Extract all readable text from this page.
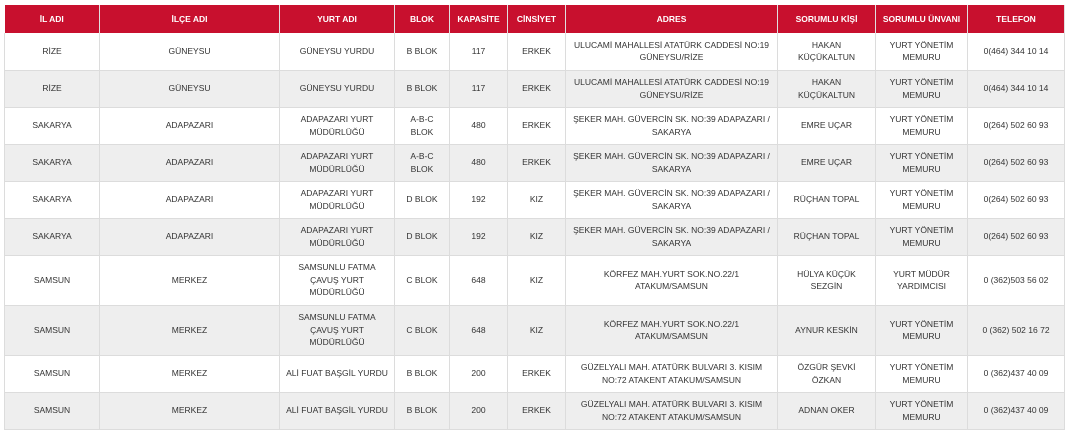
İL ADI	İLÇE ADI	YURT ADI	BLOK	KAPASİTE	CİNSİYET	ADRES	SORUMLU KİŞİ	SORUMLU ÜNVANI	TELEFON
RİZE	GÜNEYSU	GÜNEYSU YURDU	B BLOK	117	ERKEK	ULUCAMİ MAHALLESİ ATATÜRK CADDESİ NO:19 GÜNEYSU/RİZE	HAKAN KÜÇÜKALTUN	YURT YÖNETİM MEMURU	0(464) 344 10 14
RİZE	GÜNEYSU	GÜNEYSU YURDU	B BLOK	117	ERKEK	ULUCAMİ MAHALLESİ ATATÜRK CADDESİ NO:19 GÜNEYSU/RİZE	HAKAN KÜÇÜKALTUN	YURT YÖNETİM MEMURU	0(464) 344 10 14
SAKARYA	ADAPAZARI	ADAPAZARI YURT MÜDÜRLÜĞÜ	A-B-C BLOK	480	ERKEK	ŞEKER MAH. GÜVERCİN SK. NO:39 ADAPAZARI / SAKARYA	EMRE UÇAR	YURT YÖNETİM MEMURU	0(264) 502 60 93
SAKARYA	ADAPAZARI	ADAPAZARI YURT MÜDÜRLÜĞÜ	A-B-C BLOK	480	ERKEK	ŞEKER MAH. GÜVERCİN SK. NO:39 ADAPAZARI / SAKARYA	EMRE UÇAR	YURT YÖNETİM MEMURU	0(264) 502 60 93
SAKARYA	ADAPAZARI	ADAPAZARI YURT MÜDÜRLÜĞÜ	D BLOK	192	KIZ	ŞEKER MAH. GÜVERCİN SK. NO:39 ADAPAZARI / SAKARYA	RÜÇHAN TOPAL	YURT YÖNETİM MEMURU	0(264) 502 60 93
SAKARYA	ADAPAZARI	ADAPAZARI YURT MÜDÜRLÜĞÜ	D BLOK	192	KIZ	ŞEKER MAH. GÜVERCİN SK. NO:39 ADAPAZARI / SAKARYA	RÜÇHAN TOPAL	YURT YÖNETİM MEMURU	0(264) 502 60 93
SAMSUN	MERKEZ	SAMSUNLU FATMA ÇAVUŞ YURT MÜDÜRLÜĞÜ	C BLOK	648	KIZ	KÖRFEZ MAH.YURT SOK.NO.22/1 ATAKUM/SAMSUN	HÜLYA KÜÇÜK SEZGİN	YURT MÜDÜR YARDIMCISI	0 (362)503 56 02
SAMSUN	MERKEZ	SAMSUNLU FATMA ÇAVUŞ YURT MÜDÜRLÜĞÜ	C BLOK	648	KIZ	KÖRFEZ MAH.YURT SOK.NO.22/1 ATAKUM/SAMSUN	AYNUR KESKİN	YURT YÖNETİM MEMURU	0 (362) 502 16 72
SAMSUN	MERKEZ	ALİ FUAT BAŞGİL YURDU	B BLOK	200	ERKEK	GÜZELYALI MAH. ATATÜRK BULVARI 3. KISIM NO:72 ATAKENT ATAKUM/SAMSUN	ÖZGÜR ŞEVKİ ÖZKAN	YURT YÖNETİM MEMURU	0 (362)437 40 09
SAMSUN	MERKEZ	ALİ FUAT BAŞGİL YURDU	B BLOK	200	ERKEK	GÜZELYALI MAH. ATATÜRK BULVARI 3. KISIM NO:72 ATAKENT ATAKUM/SAMSUN	ADNAN OKER	YURT YÖNETİM MEMURU	0 (362)437 40 09
